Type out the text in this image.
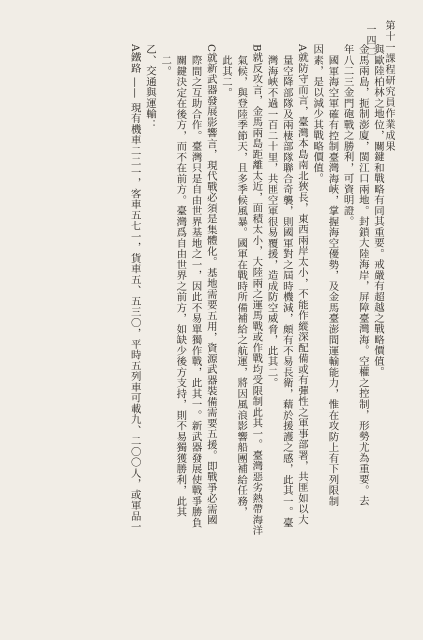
第十一課程研究員作業成果
一四二
與歐陸柏林之地位，關鍵和戰略有同其重要。戒嚴有超越之戰略價值。
金馬兩島，扼制澎廈，閩江口兩地。封鎖大陸海岸，屏障臺灣海。空權之控制，形勢尤為重要。去
年八二三金門砲戰之勝利，可資明證。
國軍海空軍確有控制臺灣海峽，掌握海空優勢，及金馬臺澎間運輸能力，惟在攻防上有下列限制
因素，是以減少其戰略價值。
A就防守而言，臺灣本島南北狹長，東西兩岸太小，不能作縱深配備或有彈性之軍事部署，共匪如以大
量空降部隊及兩棲部隊聯合奇襲，則國軍對之屆時機減，頗有不易長衛，藉於援護之感，此其一。臺
灣海峽不過一百二十里，共匪空軍很易覆援，造成防空威脅，此其二。
B就反攻言，金馬兩島距離太近，面積太小，大陸兩之運馬戰或作戰均受限制此其一。臺灣惡劣熱帶海洋
氣候，與登陸季節天，且多季候風暴。國軍在戰時所備補給之航運，將因風浪影響船團補給任務，
此其二。
C就新武器發展影響言，現代戰必須是集體化。基地需要五用，資源武器裝備需要五援。即戰爭必需國
際間之互助合作。臺灣只是自由世界基地之一，因此不易單獨作戰，此其一。新武器發展使戰爭勝負
關鍵決定在後方，而不在前方。臺灣爲自由世界之前方，如缺少後方支持，則不易獨獲勝利，此其
二。
乙、交通與運輸：
A鐵路 —— 現有機車二二一，客車五七一，貨車五、五三〇，平時五列車可載九、二〇〇人，或軍品一
